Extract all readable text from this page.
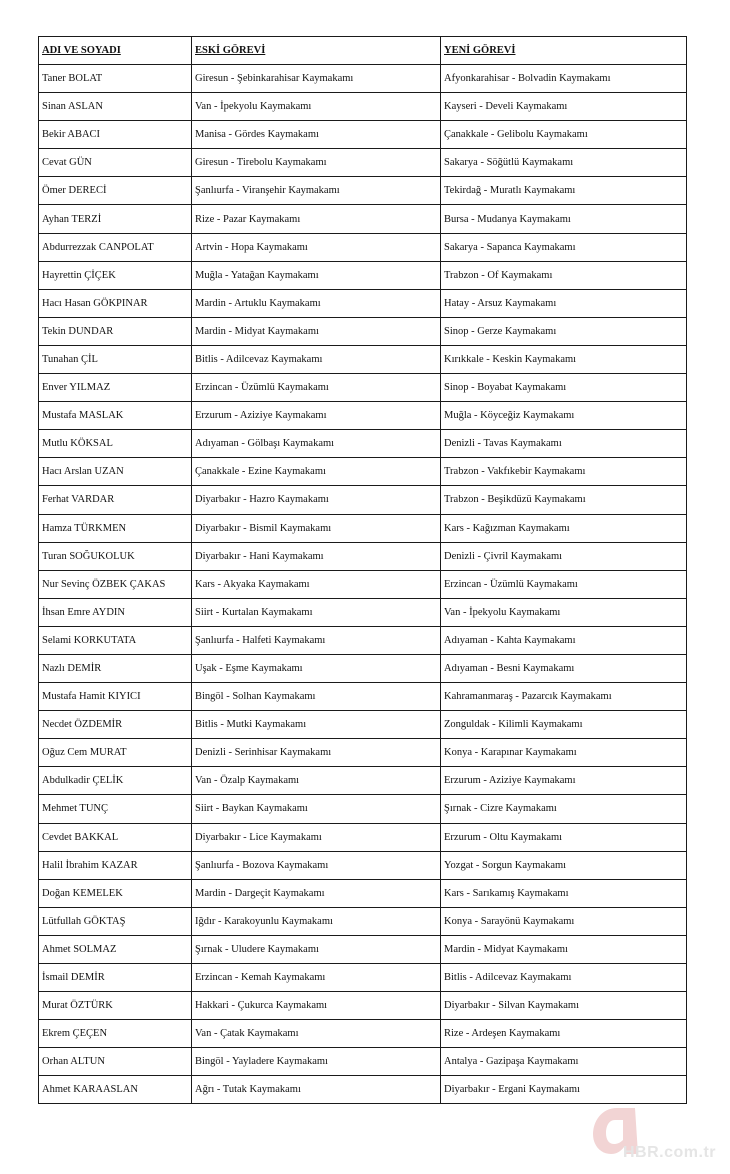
ADI VE SOYADI	ESKİ GÖREVİ	YENİ GÖREVİ
Taner BOLAT	Giresun - Şebinkarahisar Kaymakamı	Afyonkarahisar - Bolvadin Kaymakamı
Sinan ASLAN	Van - İpekyolu Kaymakamı	Kayseri - Develi Kaymakamı
Bekir ABACI	Manisa - Gördes Kaymakamı	Çanakkale - Gelibolu Kaymakamı
Cevat GÜN	Giresun - Tirebolu Kaymakamı	Sakarya - Söğütlü Kaymakamı
Ömer DERECİ	Şanlıurfa - Viranşehir Kaymakamı	Tekirdağ - Muratlı Kaymakamı
Ayhan TERZİ	Rize - Pazar Kaymakamı	Bursa - Mudanya Kaymakamı
Abdurrezzak CANPOLAT	Artvin - Hopa Kaymakamı	Sakarya - Sapanca Kaymakamı
Hayrettin ÇİÇEK	Muğla - Yatağan Kaymakamı	Trabzon - Of Kaymakamı
Hacı Hasan GÖKPINAR	Mardin - Artuklu Kaymakamı	Hatay - Arsuz Kaymakamı
Tekin DUNDAR	Mardin - Midyat Kaymakamı	Sinop - Gerze Kaymakamı
Tunahan ÇİL	Bitlis - Adilcevaz Kaymakamı	Kırıkkale - Keskin Kaymakamı
Enver YILMAZ	Erzincan - Üzümlü Kaymakamı	Sinop - Boyabat Kaymakamı
Mustafa MASLAK	Erzurum - Aziziye Kaymakamı	Muğla - Köyceğiz Kaymakamı
Mutlu KÖKSAL	Adıyaman - Gölbaşı Kaymakamı	Denizli - Tavas Kaymakamı
Hacı Arslan UZAN	Çanakkale - Ezine Kaymakamı	Trabzon - Vakfıkebir Kaymakamı
Ferhat VARDAR	Diyarbakır - Hazro Kaymakamı	Trabzon - Beşikdüzü Kaymakamı
Hamza TÜRKMEN	Diyarbakır - Bismil Kaymakamı	Kars - Kağızman Kaymakamı
Turan SOĞUKOLUK	Diyarbakır - Hani Kaymakamı	Denizli - Çivril Kaymakamı
Nur Sevinç ÖZBEK ÇAKAS	Kars - Akyaka Kaymakamı	Erzincan - Üzümlü Kaymakamı
İhsan Emre AYDIN	Siirt - Kurtalan Kaymakamı	Van - İpekyolu Kaymakamı
Selami KORKUTATA	Şanlıurfa - Halfeti Kaymakamı	Adıyaman - Kahta Kaymakamı
Nazlı DEMİR	Uşak - Eşme Kaymakamı	Adıyaman - Besni Kaymakamı
Mustafa Hamit KIYICI	Bingöl - Solhan Kaymakamı	Kahramanmaraş - Pazarcık Kaymakamı
Necdet ÖZDEMİR	Bitlis - Mutki Kaymakamı	Zonguldak - Kilimli Kaymakamı
Oğuz Cem MURAT	Denizli - Serinhisar Kaymakamı	Konya - Karapınar Kaymakamı
Abdulkadir ÇELİK	Van - Özalp Kaymakamı	Erzurum - Aziziye Kaymakamı
Mehmet TUNÇ	Siirt - Baykan Kaymakamı	Şırnak - Cizre Kaymakamı
Cevdet BAKKAL	Diyarbakır - Lice Kaymakamı	Erzurum - Oltu Kaymakamı
Halil İbrahim KAZAR	Şanlıurfa - Bozova Kaymakamı	Yozgat - Sorgun Kaymakamı
Doğan KEMELEK	Mardin - Dargeçit Kaymakamı	Kars - Sarıkamış Kaymakamı
Lütfullah GÖKTAŞ	Iğdır - Karakoyunlu Kaymakamı	Konya - Sarayönü Kaymakamı
Ahmet SOLMAZ	Şırnak - Uludere Kaymakamı	Mardin - Midyat Kaymakamı
İsmail DEMİR	Erzincan - Kemah Kaymakamı	Bitlis - Adilcevaz Kaymakamı
Murat ÖZTÜRK	Hakkari - Çukurca Kaymakamı	Diyarbakır - Silvan Kaymakamı
Ekrem ÇEÇEN	Van - Çatak Kaymakamı	Rize - Ardeşen Kaymakamı
Orhan ALTUN	Bingöl - Yayladere Kaymakamı	Antalya - Gazipaşa Kaymakamı
Ahmet KARAASLAN	Ağrı - Tutak Kaymakamı	Diyarbakır - Ergani Kaymakamı
HBR.com.tr
